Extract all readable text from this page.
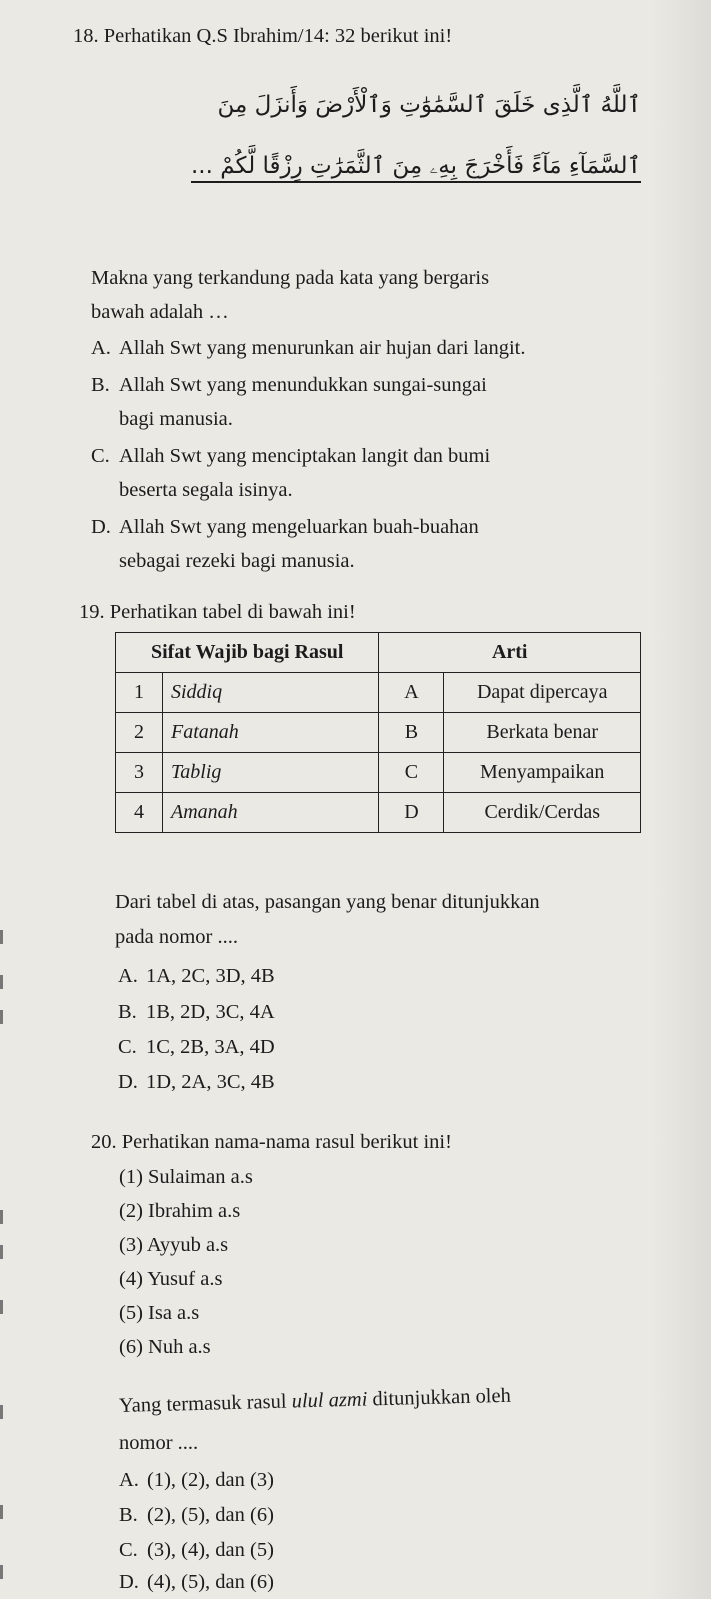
18. Perhatikan Q.S Ibrahim/14: 32 berikut ini!
ٱللَّهُ ٱلَّذِى خَلَقَ ٱلسَّمَٰوَٰتِ وَٱلْأَرْضَ وَأَنزَلَ مِنَ
ٱلسَّمَآءِ مَآءً فَأَخْرَجَ بِهِۦ مِنَ ٱلثَّمَرَٰتِ رِزْقًا لَّكُمْ ...
Makna yang terkandung pada kata yang bergaris
bawah adalah …
A. Allah Swt yang menurunkan air hujan dari langit.
B. Allah Swt yang menundukkan sungai-sungai
bagi manusia.
C. Allah Swt yang menciptakan langit dan bumi
beserta segala isinya.
D. Allah Swt yang mengeluarkan buah-buahan
sebagai rezeki bagi manusia.
19. Perhatikan tabel di bawah ini!
Sifat Wajib bagi Rasul		Arti	
1	Siddiq	A	Dapat dipercaya
2	Fatanah	B	Berkata benar
3	Tablig	C	Menyampaikan
4	Amanah	D	Cerdik/Cerdas
Dari tabel di atas, pasangan yang benar ditunjukkan
pada nomor ....
A. 1A, 2C, 3D, 4B
B. 1B, 2D, 3C, 4A
C. 1C, 2B, 3A, 4D
D. 1D, 2A, 3C, 4B
20. Perhatikan nama-nama rasul berikut ini!
(1) Sulaiman a.s
(2) Ibrahim a.s
(3) Ayyub a.s
(4) Yusuf a.s
(5) Isa a.s
(6) Nuh a.s
Yang termasuk rasul ulul azmi ditunjukkan oleh
nomor ....
A. (1), (2), dan (3)
B. (2), (5), dan (6)
C. (3), (4), dan (5)
D. (4), (5), dan (6)
